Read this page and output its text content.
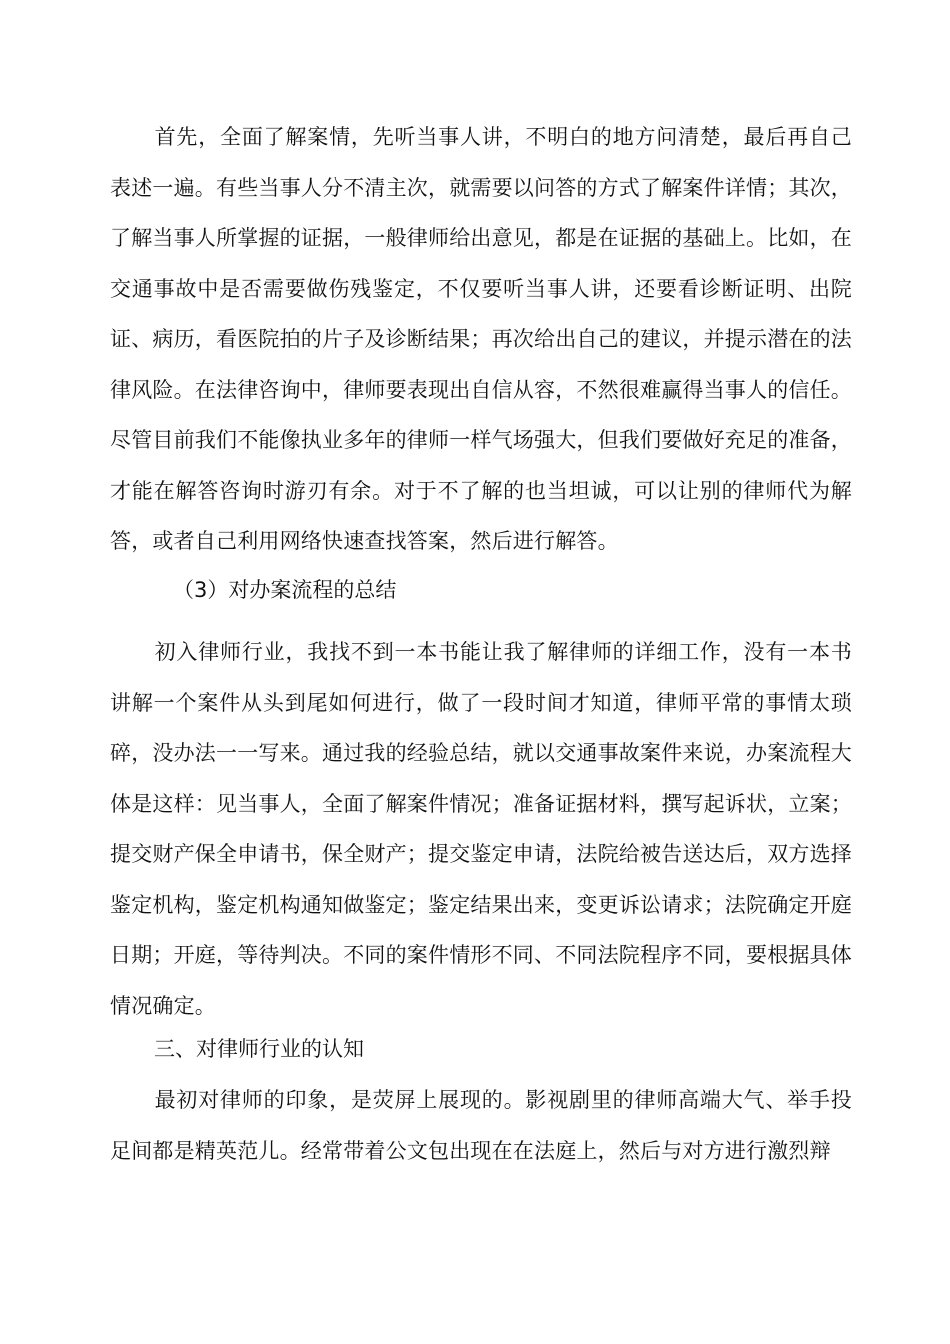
首先，全面了解案情，先听当事人讲，不明白的地方问清楚，最后再自己表述一遍。有些当事人分不清主次，就需要以问答的方式了解案件详情；其次，了解当事人所掌握的证据，一般律师给出意见，都是在证据的基础上。比如，在交通事故中是否需要做伤残鉴定，不仅要听当事人讲，还要看诊断证明、出院证、病历，看医院拍的片子及诊断结果；再次给出自己的建议，并提示潜在的法律风险。在法律咨询中，律师要表现出自信从容，不然很难赢得当事人的信任。尽管目前我们不能像执业多年的律师一样气场强大，但我们要做好充足的准备，才能在解答咨询时游刃有余。对于不了解的也当坦诚，可以让别的律师代为解答，或者自己利用网络快速查找答案，然后进行解答。
（3）对办案流程的总结
初入律师行业，我找不到一本书能让我了解律师的详细工作，没有一本书讲解一个案件从头到尾如何进行，做了一段时间才知道，律师平常的事情太琐碎，没办法一一写来。通过我的经验总结，就以交通事故案件来说，办案流程大体是这样：见当事人，全面了解案件情况；准备证据材料，撰写起诉状，立案；提交财产保全申请书，保全财产；提交鉴定申请，法院给被告送达后，双方选择鉴定机构，鉴定机构通知做鉴定；鉴定结果出来，变更诉讼请求；法院确定开庭日期；开庭，等待判决。不同的案件情形不同、不同法院程序不同，要根据具体情况确定。
三、对律师行业的认知
最初对律师的印象，是荧屏上展现的。影视剧里的律师高端大气、举手投足间都是精英范儿。经常带着公文包出现在在法庭上，然后与对方进行激烈辩
